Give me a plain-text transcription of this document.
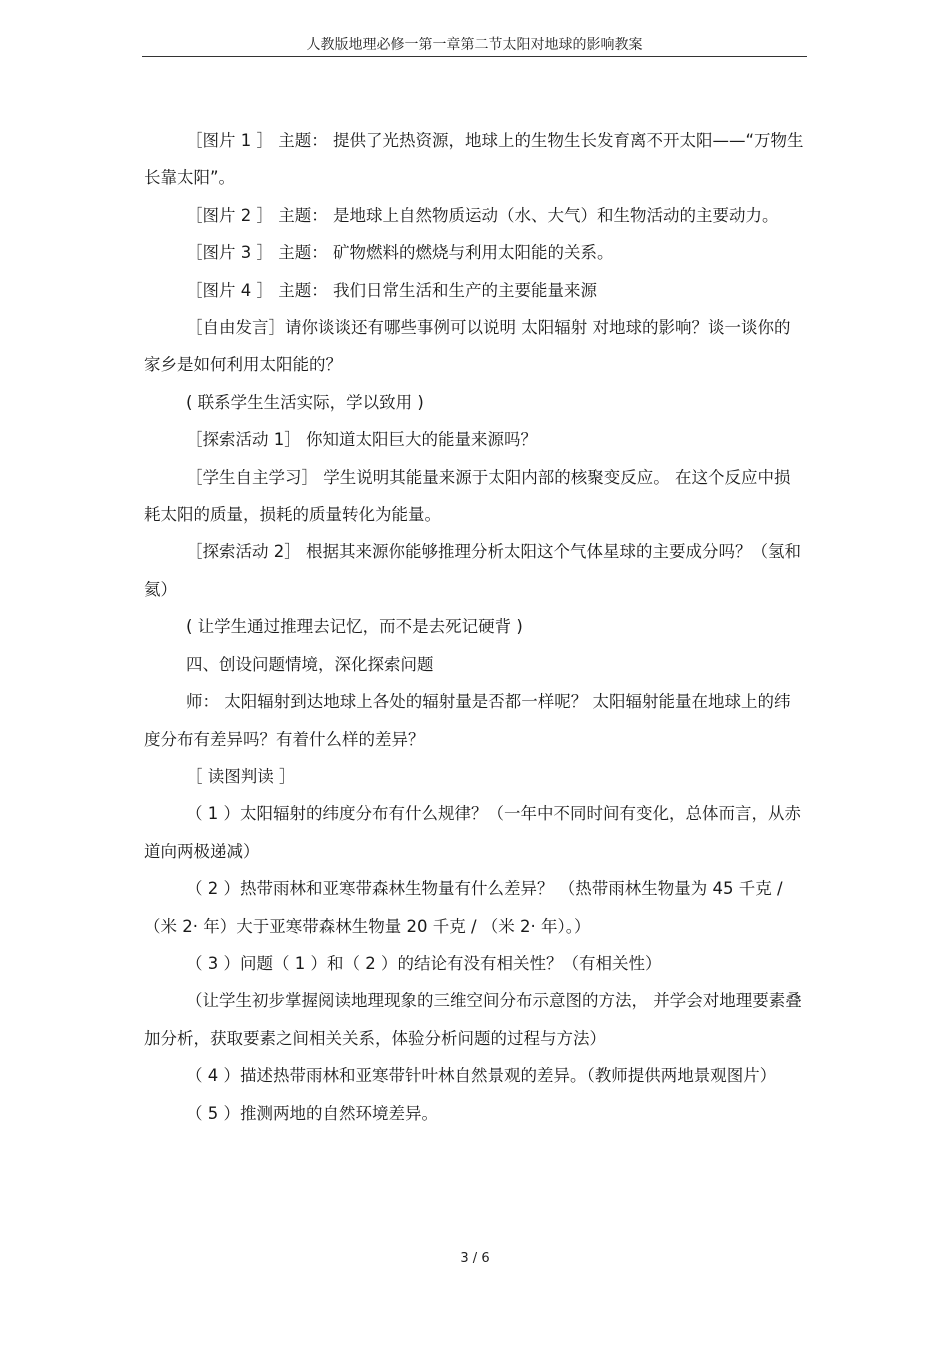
人教版地理必修一第一章第二节太阳对地球的影响教案

［图片 1 ］ 主题： 提供了光热资源，地球上的生物生长发育离不开太阳——“万物生长靠太阳”。

［图片 2 ］ 主题： 是地球上自然物质运动（水、大气）和生物活动的主要动力。

［图片 3 ］ 主题： 矿物燃料的燃烧与利用太阳能的关系。

［图片 4 ］ 主题： 我们日常生活和生产的主要能量来源

［自由发言］请你谈谈还有哪些事例可以说明 太阳辐射 对地球的影响？谈一谈你的家乡是如何利用太阳能的？

( 联系学生生活实际，学以致用 )

［探索活动 1］ 你知道太阳巨大的能量来源吗？

［学生自主学习］ 学生说明其能量来源于太阳内部的核聚变反应。 在这个反应中损耗太阳的质量，损耗的质量转化为能量。

［探索活动 2］ 根据其来源你能够推理分析太阳这个气体星球的主要成分吗？（氢和氦）

( 让学生通过推理去记忆，而不是去死记硬背 )

四、创设问题情境，深化探索问题

师： 太阳辐射到达地球上各处的辐射量是否都一样呢？ 太阳辐射能量在地球上的纬度分布有差异吗？有着什么样的差异？

［ 读图判读 ］

（ 1 ）太阳辐射的纬度分布有什么规律？（一年中不同时间有变化，总体而言，从赤道向两极递减）

（ 2 ）热带雨林和亚寒带森林生物量有什么差异？ （热带雨林生物量为 45 千克 / （米 2· 年）大于亚寒带森林生物量 20 千克 / （米 2· 年）。）

（ 3 ）问题（ 1 ）和（ 2 ）的结论有没有相关性？（有相关性）

（让学生初步掌握阅读地理现象的三维空间分布示意图的方法， 并学会对地理要素叠加分析，获取要素之间相关关系，体验分析问题的过程与方法）

（ 4 ）描述热带雨林和亚寒带针叶林自然景观的差异。（教师提供两地景观图片）

（ 5 ）推测两地的自然环境差异。

3 / 6
